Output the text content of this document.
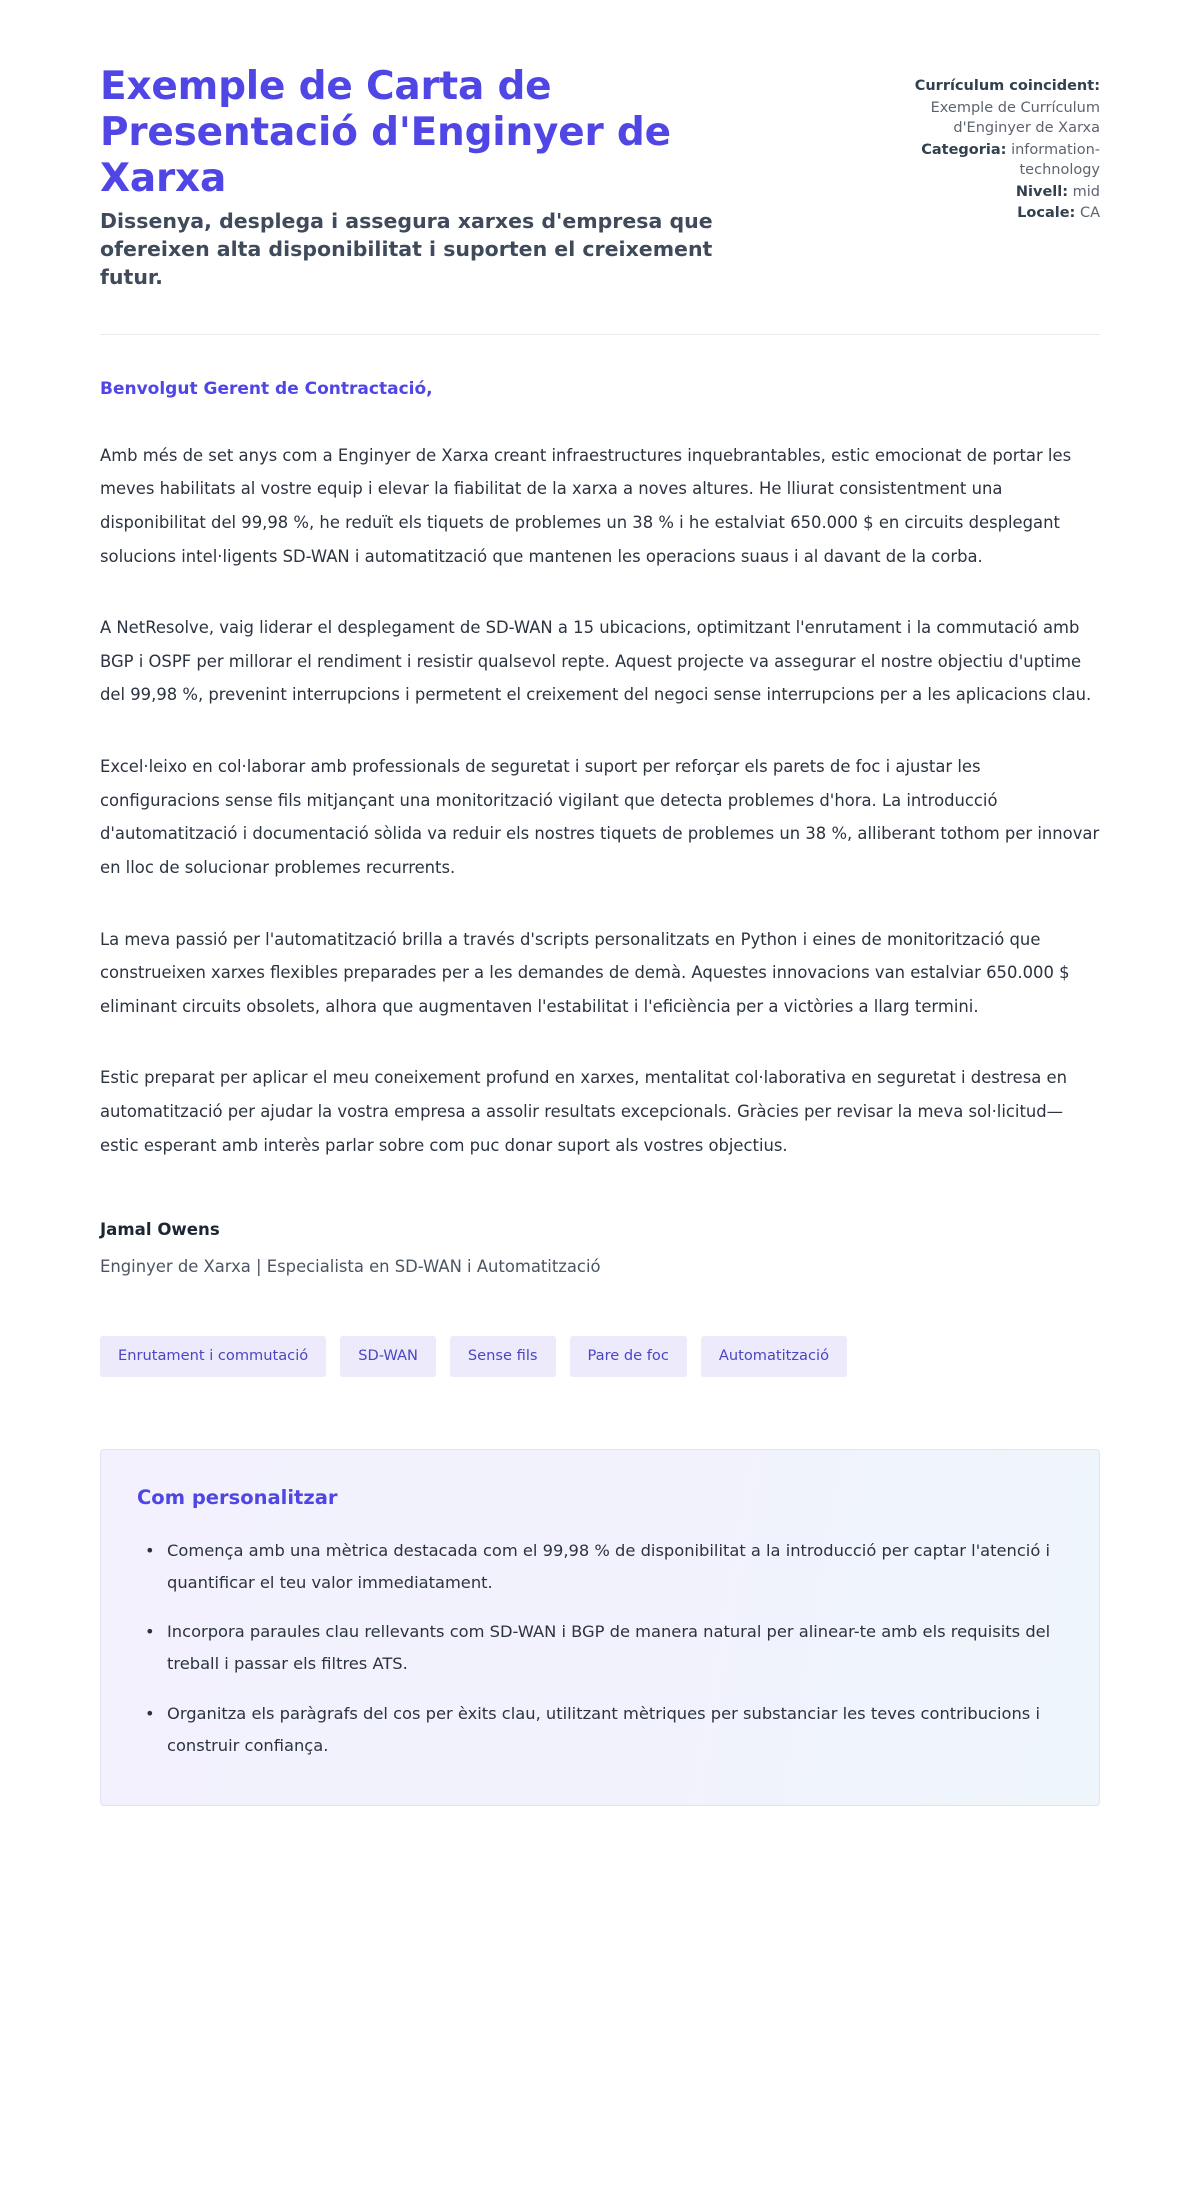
Exemple de Carta de Presentació d'Enginyer de Xarxa

Dissenya, desplega i assegura xarxes d'empresa que ofereixen alta disponibilitat i suporten el creixement futur.

Currículum coincident:
Exemple de Currículum d'Enginyer de Xarxa
Categoria: information-technology
Nivell: mid
Locale: CA

Benvolgut Gerent de Contractació,

Amb més de set anys com a Enginyer de Xarxa creant infraestructures inquebrantables, estic emocionat de portar les meves habilitats al vostre equip i elevar la fiabilitat de la xarxa a noves altures. He lliurat consistentment una disponibilitat del 99,98 %, he reduït els tiquets de problemes un 38 % i he estalviat 650.000 $ en circuits desplegant solucions intel·ligents SD-WAN i automatització que mantenen les operacions suaus i al davant de la corba.

A NetResolve, vaig liderar el desplegament de SD-WAN a 15 ubicacions, optimitzant l'enrutament i la commutació amb BGP i OSPF per millorar el rendiment i resistir qualsevol repte. Aquest projecte va assegurar el nostre objectiu d'uptime del 99,98 %, prevenint interrupcions i permetent el creixement del negoci sense interrupcions per a les aplicacions clau.

Excel·leixo en col·laborar amb professionals de seguretat i suport per reforçar els parets de foc i ajustar les configuracions sense fils mitjançant una monitorització vigilant que detecta problemes d'hora. La introducció d'automatització i documentació sòlida va reduir els nostres tiquets de problemes un 38 %, alliberant tothom per innovar en lloc de solucionar problemes recurrents.

La meva passió per l'automatització brilla a través d'scripts personalitzats en Python i eines de monitorització que construeixen xarxes flexibles preparades per a les demandes de demà. Aquestes innovacions van estalviar 650.000 $ eliminant circuits obsolets, alhora que augmentaven l'estabilitat i l'eficiència per a victòries a llarg termini.

Estic preparat per aplicar el meu coneixement profund en xarxes, mentalitat col·laborativa en seguretat i destresa en automatització per ajudar la vostra empresa a assolir resultats excepcionals. Gràcies per revisar la meva sol·licitud—estic esperant amb interès parlar sobre com puc donar suport als vostres objectius.

Jamal Owens

Enginyer de Xarxa | Especialista en SD-WAN i Automatització

Enrutament i commutació	SD-WAN	Sense fils	Pare de foc	Automatització
Com personalitzar
• Comença amb una mètrica destacada com el 99,98 % de disponibilitat a la introducció per captar l'atenció i quantificar el teu valor immediatament.
• Incorpora paraules clau rellevants com SD-WAN i BGP de manera natural per alinear-te amb els requisits del treball i passar els filtres ATS.
• Organitza els paràgrafs del cos per èxits clau, utilitzant mètriques per substanciar les teves contribucions i construir confiança.
